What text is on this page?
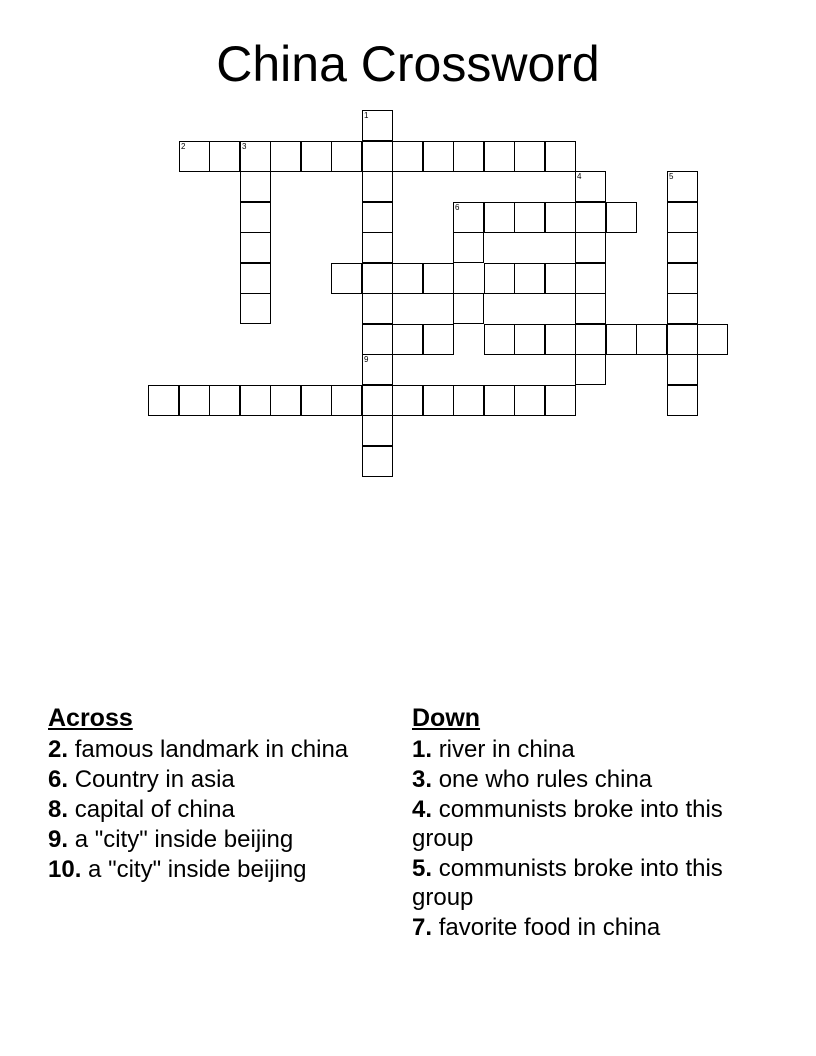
China Crossword
2	3
1
9
6
4	5
Across
2. famous landmark in china
6. Country in asia
8. capital of china
9. a "city" inside beijing
10. a "city" inside beijing
Down
1. river in china
3. one who rules china
4. communists broke into this group
5. communists broke into this group
7. favorite food in china
